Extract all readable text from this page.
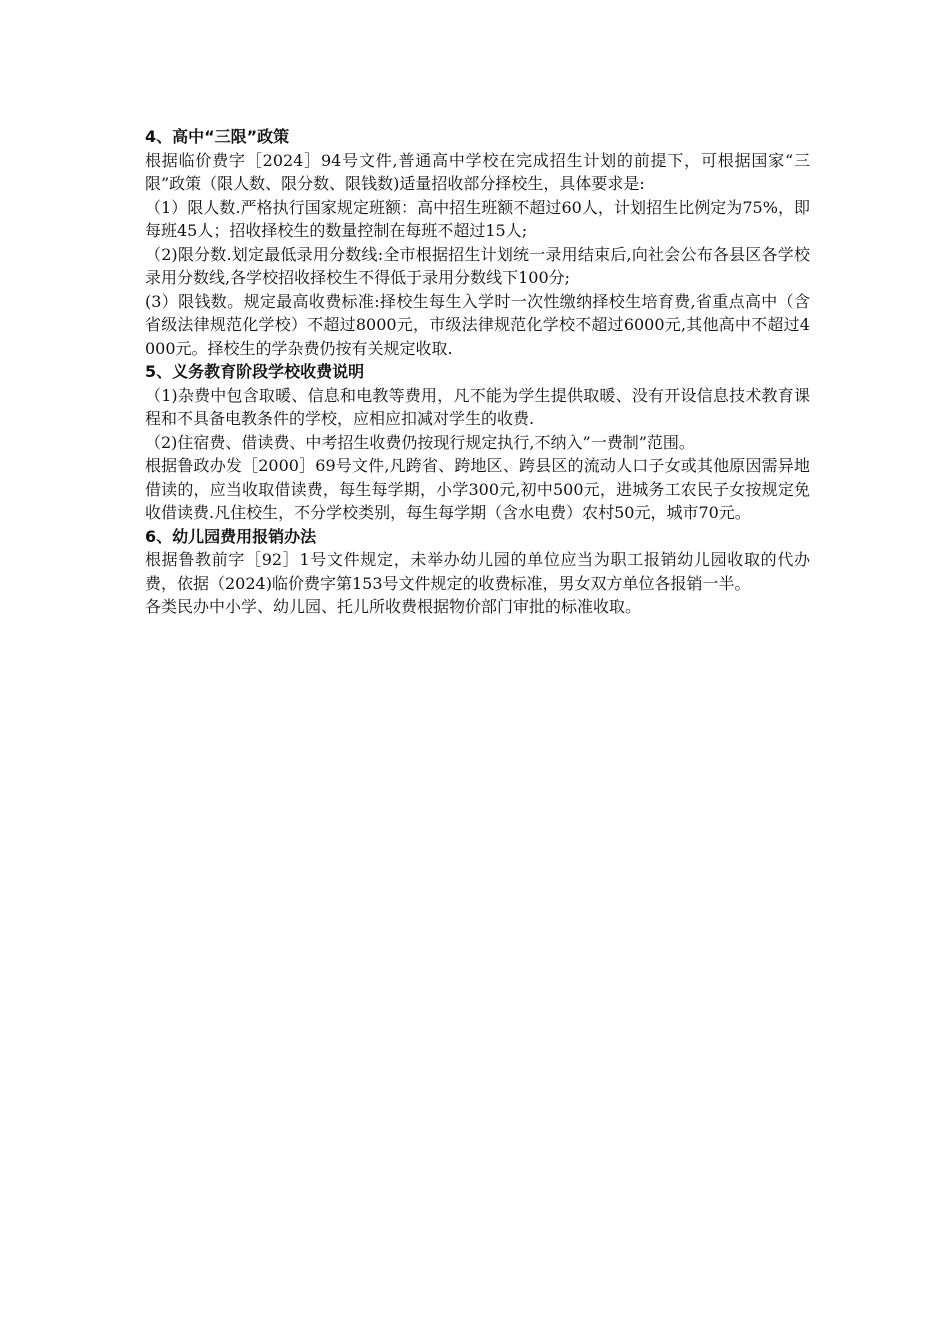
4、高中“三限”政策

根据临价费字［2024］94号文件,普通高中学校在完成招生计划的前提下，可根据国家“三限”政策（限人数、限分数、限钱数)适量招收部分择校生，具体要求是:

（1）限人数.严格执行国家规定班额：高中招生班额不超过60人，计划招生比例定为75%，即每班45人；招收择校生的数量控制在每班不超过15人;

（2)限分数.划定最低录用分数线:全市根据招生计划统一录用结束后,向社会公布各县区各学校录用分数线,各学校招收择校生不得低于录用分数线下100分;

(3）限钱数。规定最高收费标准:择校生每生入学时一次性缴纳择校生培育费,省重点高中（含省级法律规范化学校）不超过8000元，市级法律规范化学校不超过6000元,其他高中不超过4000元。择校生的学杂费仍按有关规定收取.

5、义务教育阶段学校收费说明

（1)杂费中包含取暖、信息和电教等费用，凡不能为学生提供取暖、没有开设信息技术教育课程和不具备电教条件的学校，应相应扣减对学生的收费.

（2)住宿费、借读费、中考招生收费仍按现行规定执行,不纳入”一费制”范围。

根据鲁政办发［2000］69号文件,凡跨省、跨地区、跨县区的流动人口子女或其他原因需异地借读的，应当收取借读费，每生每学期，小学300元,初中500元，进城务工农民子女按规定免收借读费.凡住校生，不分学校类别，每生每学期（含水电费）农村50元，城市70元。

6、幼儿园费用报销办法

根据鲁教前字［92］1号文件规定，未举办幼儿园的单位应当为职工报销幼儿园收取的代办费，依据（2024)临价费字第153号文件规定的收费标准，男女双方单位各报销一半。

各类民办中小学、幼儿园、托儿所收费根据物价部门审批的标准收取。
